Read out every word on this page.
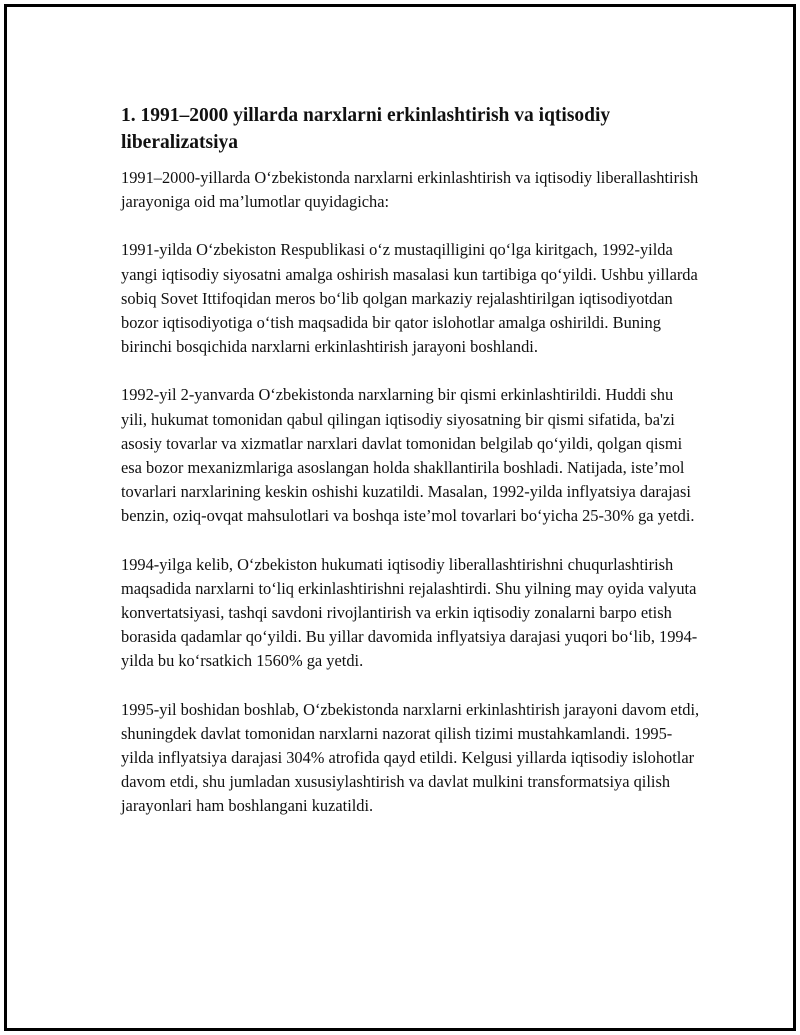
1. 1991–2000 yillarda narxlarni erkinlashtirish va iqtisodiy liberalizatsiya

1991–2000-yillarda O‘zbekistonda narxlarni erkinlashtirish va iqtisodiy liberallashtirish jarayoniga oid ma’lumotlar quyidagicha:

1991-yilda O‘zbekiston Respublikasi o‘z mustaqilligini qo‘lga kiritgach, 1992-yilda yangi iqtisodiy siyosatni amalga oshirish masalasi kun tartibiga qo‘yildi. Ushbu yillarda sobiq Sovet Ittifoqidan meros bo‘lib qolgan markaziy rejalashtirilgan iqtisodiyotdan bozor iqtisodiyotiga o‘tish maqsadida bir qator islohotlar amalga oshirildi. Buning birinchi bosqichida narxlarni erkinlashtirish jarayoni boshlandi.

1992-yil 2-yanvarda O‘zbekistonda narxlarning bir qismi erkinlashtirildi. Huddi shu yili, hukumat tomonidan qabul qilingan iqtisodiy siyosatning bir qismi sifatida, ba'zi asosiy tovarlar va xizmatlar narxlari davlat tomonidan belgilab qo‘yildi, qolgan qismi esa bozor mexanizmlariga asoslangan holda shakllantirila boshladi. Natijada, iste’mol tovarlari narxlarining keskin oshishi kuzatildi. Masalan, 1992-yilda inflyatsiya darajasi benzin, oziq-ovqat mahsulotlari va boshqa iste’mol tovarlari bo‘yicha 25-30% ga yetdi.

1994-yilga kelib, O‘zbekiston hukumati iqtisodiy liberallashtirishni chuqurlashtirish maqsadida narxlarni to‘liq erkinlashtirishni rejalashtirdi. Shu yilning may oyida valyuta konvertatsiyasi, tashqi savdoni rivojlantirish va erkin iqtisodiy zonalarni barpo etish borasida qadamlar qo‘yildi. Bu yillar davomida inflyatsiya darajasi yuqori bo‘lib, 1994-yilda bu ko‘rsatkich 1560% ga yetdi.

1995-yil boshidan boshlab, O‘zbekistonda narxlarni erkinlashtirish jarayoni davom etdi, shuningdek davlat tomonidan narxlarni nazorat qilish tizimi mustahkamlandi. 1995-yilda inflyatsiya darajasi 304% atrofida qayd etildi. Kelgusi yillarda iqtisodiy islohotlar davom etdi, shu jumladan xususiylashtirish va davlat mulkini transformatsiya qilish jarayonlari ham boshlangani kuzatildi.
